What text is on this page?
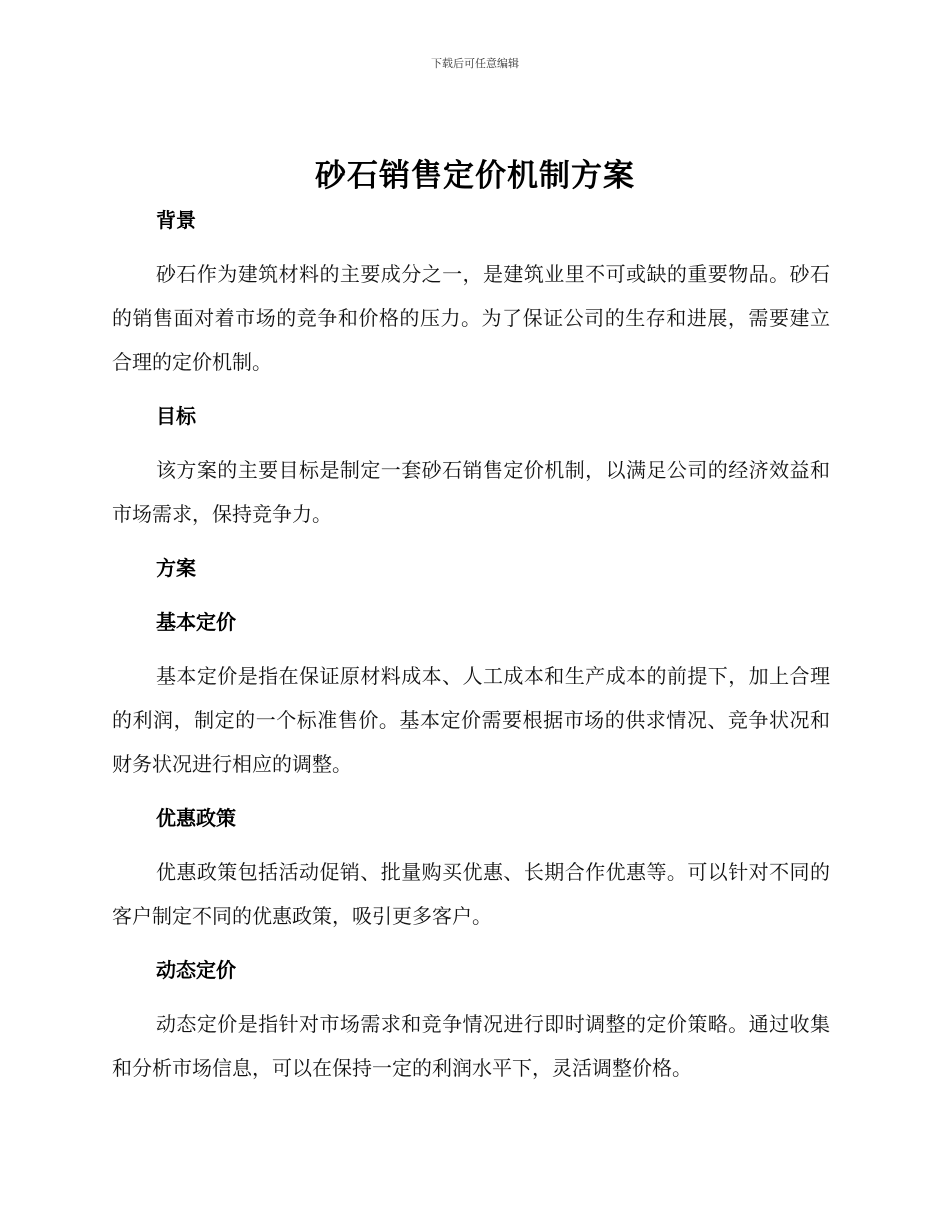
下载后可任意编辑
砂石销售定价机制方案
背景

砂石作为建筑材料的主要成分之一，是建筑业里不可或缺的重要物品。砂石的销售面对着市场的竞争和价格的压力。为了保证公司的生存和进展，需要建立合理的定价机制。

目标

该方案的主要目标是制定一套砂石销售定价机制，以满足公司的经济效益和市场需求，保持竞争力。

方案
基本定价

基本定价是指在保证原材料成本、人工成本和生产成本的前提下，加上合理的利润，制定的一个标准售价。基本定价需要根据市场的供求情况、竞争状况和财务状况进行相应的调整。

优惠政策

优惠政策包括活动促销、批量购买优惠、长期合作优惠等。可以针对不同的客户制定不同的优惠政策，吸引更多客户。

动态定价

动态定价是指针对市场需求和竞争情况进行即时调整的定价策略。通过收集和分析市场信息，可以在保持一定的利润水平下，灵活调整价格。
